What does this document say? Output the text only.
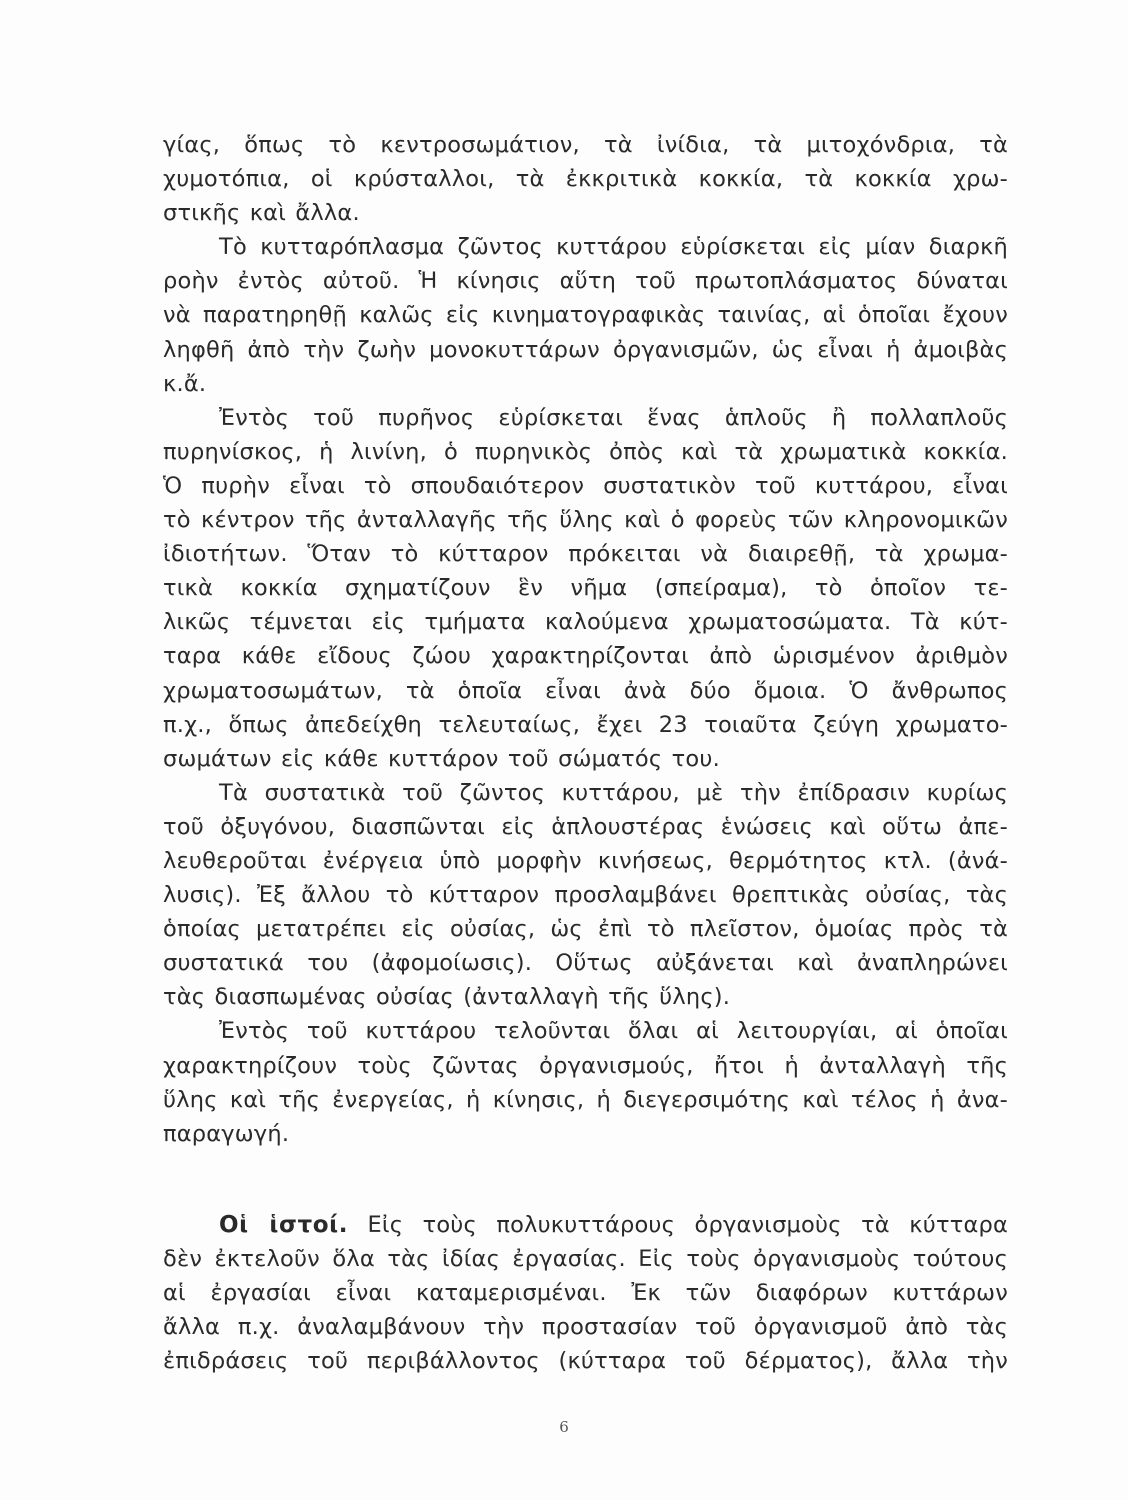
γίας, ὅπως τὸ κεντροσωμάτιον, τὰ ἰνίδια, τὰ μιτοχόνδρια, τὰ
χυμοτόπια, οἱ κρύσταλλοι, τὰ ἐκκριτικὰ κοκκία, τὰ κοκκία χρω-
στικῆς καὶ ἄλλα.
Τὸ κυτταρόπλασμα ζῶντος κυττάρου εὑρίσκεται εἰς μίαν διαρκῆ
ροὴν ἐντὸς αὐτοῦ. Ἡ κίνησις αὕτη τοῦ πρωτοπλάσματος δύναται
νὰ παρατηρηθῇ καλῶς εἰς κινηματογραφικὰς ταινίας, αἱ ὁποῖαι ἔχουν
ληφθῆ ἀπὸ τὴν ζωὴν μονοκυττάρων ὀργανισμῶν, ὡς εἶναι ἡ ἀμοιβὰς
κ.ἄ.
Ἐντὸς τοῦ πυρῆνος εὑρίσκεται ἕνας ἁπλοῦς ἢ πολλαπλοῦς
πυρηνίσκος, ἡ λινίνη, ὁ πυρηνικὸς ὀπὸς καὶ τὰ χρωματικὰ κοκκία.
Ὁ πυρὴν εἶναι τὸ σπουδαιότερον συστατικὸν τοῦ κυττάρου, εἶναι
τὸ κέντρον τῆς ἀνταλλαγῆς τῆς ὕλης καὶ ὁ φορεὺς τῶν κληρονομικῶν
ἰδιοτήτων. Ὅταν τὸ κύτταρον πρόκειται νὰ διαιρεθῇ, τὰ χρωμα-
τικὰ κοκκία σχηματίζουν ἓν νῆμα (σπείραμα), τὸ ὁποῖον τε-
λικῶς τέμνεται εἰς τμήματα καλούμενα χρωματοσώματα. Τὰ κύτ-
ταρα κάθε εἴδους ζώου χαρακτηρίζονται ἀπὸ ὡρισμένον ἀριθμὸν
χρωματοσωμάτων, τὰ ὁποῖα εἶναι ἀνὰ δύο ὅμοια. Ὁ ἄνθρωπος
π.χ., ὅπως ἀπεδείχθη τελευταίως, ἔχει 23 τοιαῦτα ζεύγη χρωματο-
σωμάτων εἰς κάθε κυττάρον τοῦ σώματός του.
Τὰ συστατικὰ τοῦ ζῶντος κυττάρου, μὲ τὴν ἐπίδρασιν κυρίως
τοῦ ὀξυγόνου, διασπῶνται εἰς ἁπλουστέρας ἑνώσεις καὶ οὕτω ἀπε-
λευθεροῦται ἐνέργεια ὑπὸ μορφὴν κινήσεως, θερμότητος κτλ. (ἀνά-
λυσις). Ἐξ ἄλλου τὸ κύτταρον προσλαμβάνει θρεπτικὰς οὐσίας, τὰς
ὁποίας μετατρέπει εἰς οὐσίας, ὡς ἐπὶ τὸ πλεῖστον, ὁμοίας πρὸς τὰ
συστατικά του (ἀφομοίωσις). Οὕτως αὐξάνεται καὶ ἀναπληρώνει
τὰς διασπωμένας οὐσίας (ἀνταλλαγὴ τῆς ὕλης).
Ἐντὸς τοῦ κυττάρου τελοῦνται ὅλαι αἱ λειτουργίαι, αἱ ὁποῖαι
χαρακτηρίζουν τοὺς ζῶντας ὀργανισμούς, ἤτοι ἡ ἀνταλλαγὴ τῆς
ὕλης καὶ τῆς ἐνεργείας, ἡ κίνησις, ἡ διεγερσιμότης καὶ τέλος ἡ ἀνα-
παραγωγή.
Οἱ ἱστοί. Εἰς τοὺς πολυκυττάρους ὀργανισμοὺς τὰ κύτταρα
δὲν ἐκτελοῦν ὅλα τὰς ἰδίας ἐργασίας. Εἰς τοὺς ὀργανισμοὺς τούτους
αἱ ἐργασίαι εἶναι καταμερισμέναι. Ἐκ τῶν διαφόρων κυττάρων
ἄλλα π.χ. ἀναλαμβάνουν τὴν προστασίαν τοῦ ὀργανισμοῦ ἀπὸ τὰς
ἐπιδράσεις τοῦ περιβάλλοντος (κύτταρα τοῦ δέρματος), ἄλλα τὴν
6
